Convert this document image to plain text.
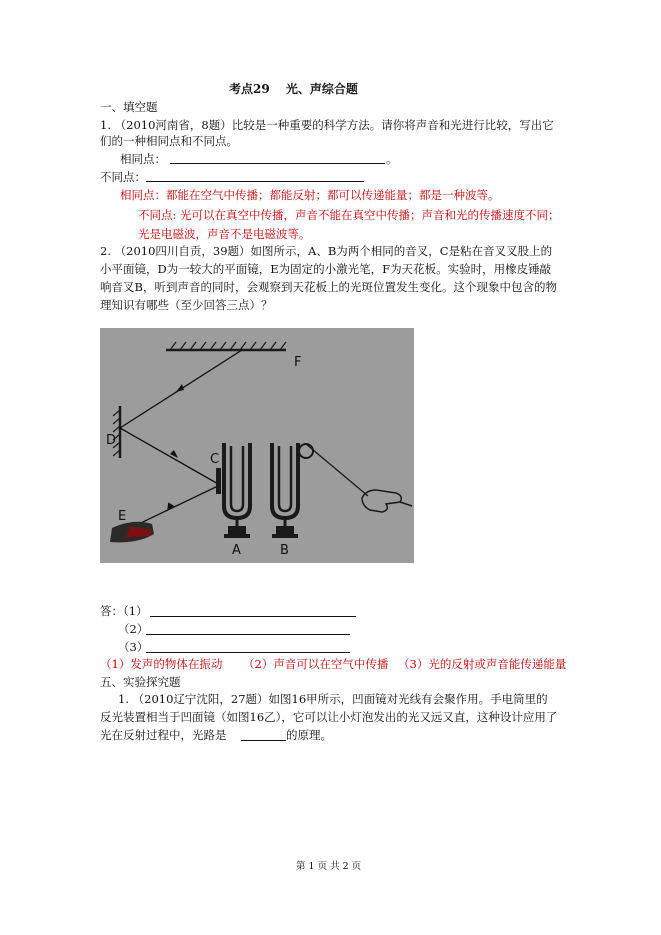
考点29　 光、声综合题
一、填空题
1. （2010河南省，8题）比较是一种重要的科学方法。请你将声音和光进行比较，写出它
们的一种相同点和不同点。
相同点：	。
不同点：
相同点：都能在空气中传播；都能反射；都可以传递能量；都是一种波等。
不同点: 光可以在真空中传播，声音不能在真空中传播；声音和光的传播速度不同；
光是电磁波，声音不是电磁波等。
2. （2010四川自贡，39题）如图所示，A、B为两个相同的音叉，C是粘在音叉叉股上的
小平面镜，D为一较大的平面镜，E为固定的小激光笔，F为天花板。实验时，用橡皮锤敲
响音叉B，听到声音的同时，会观察到天花板上的光斑位置发生变化。这个现象中包含的物
理知识有哪些（至少回答三点）？
F
D
C
E
A	B
答：（1）
（2）
（3）
（1）发声的物体在振动 （2）声音可以在空气中传播 （3）光的反射或声音能传递能量
五、实验探究题
1. （2010辽宁沈阳，27题）如图16甲所示，凹面镜对光线有会聚作用。手电筒里的
反光装置相当于凹面镜（如图16乙），它可以让小灯泡发出的光又远又直，这种设计应用了
光在反射过程中，光路是	的原理。
第 1 页 共 2 页
